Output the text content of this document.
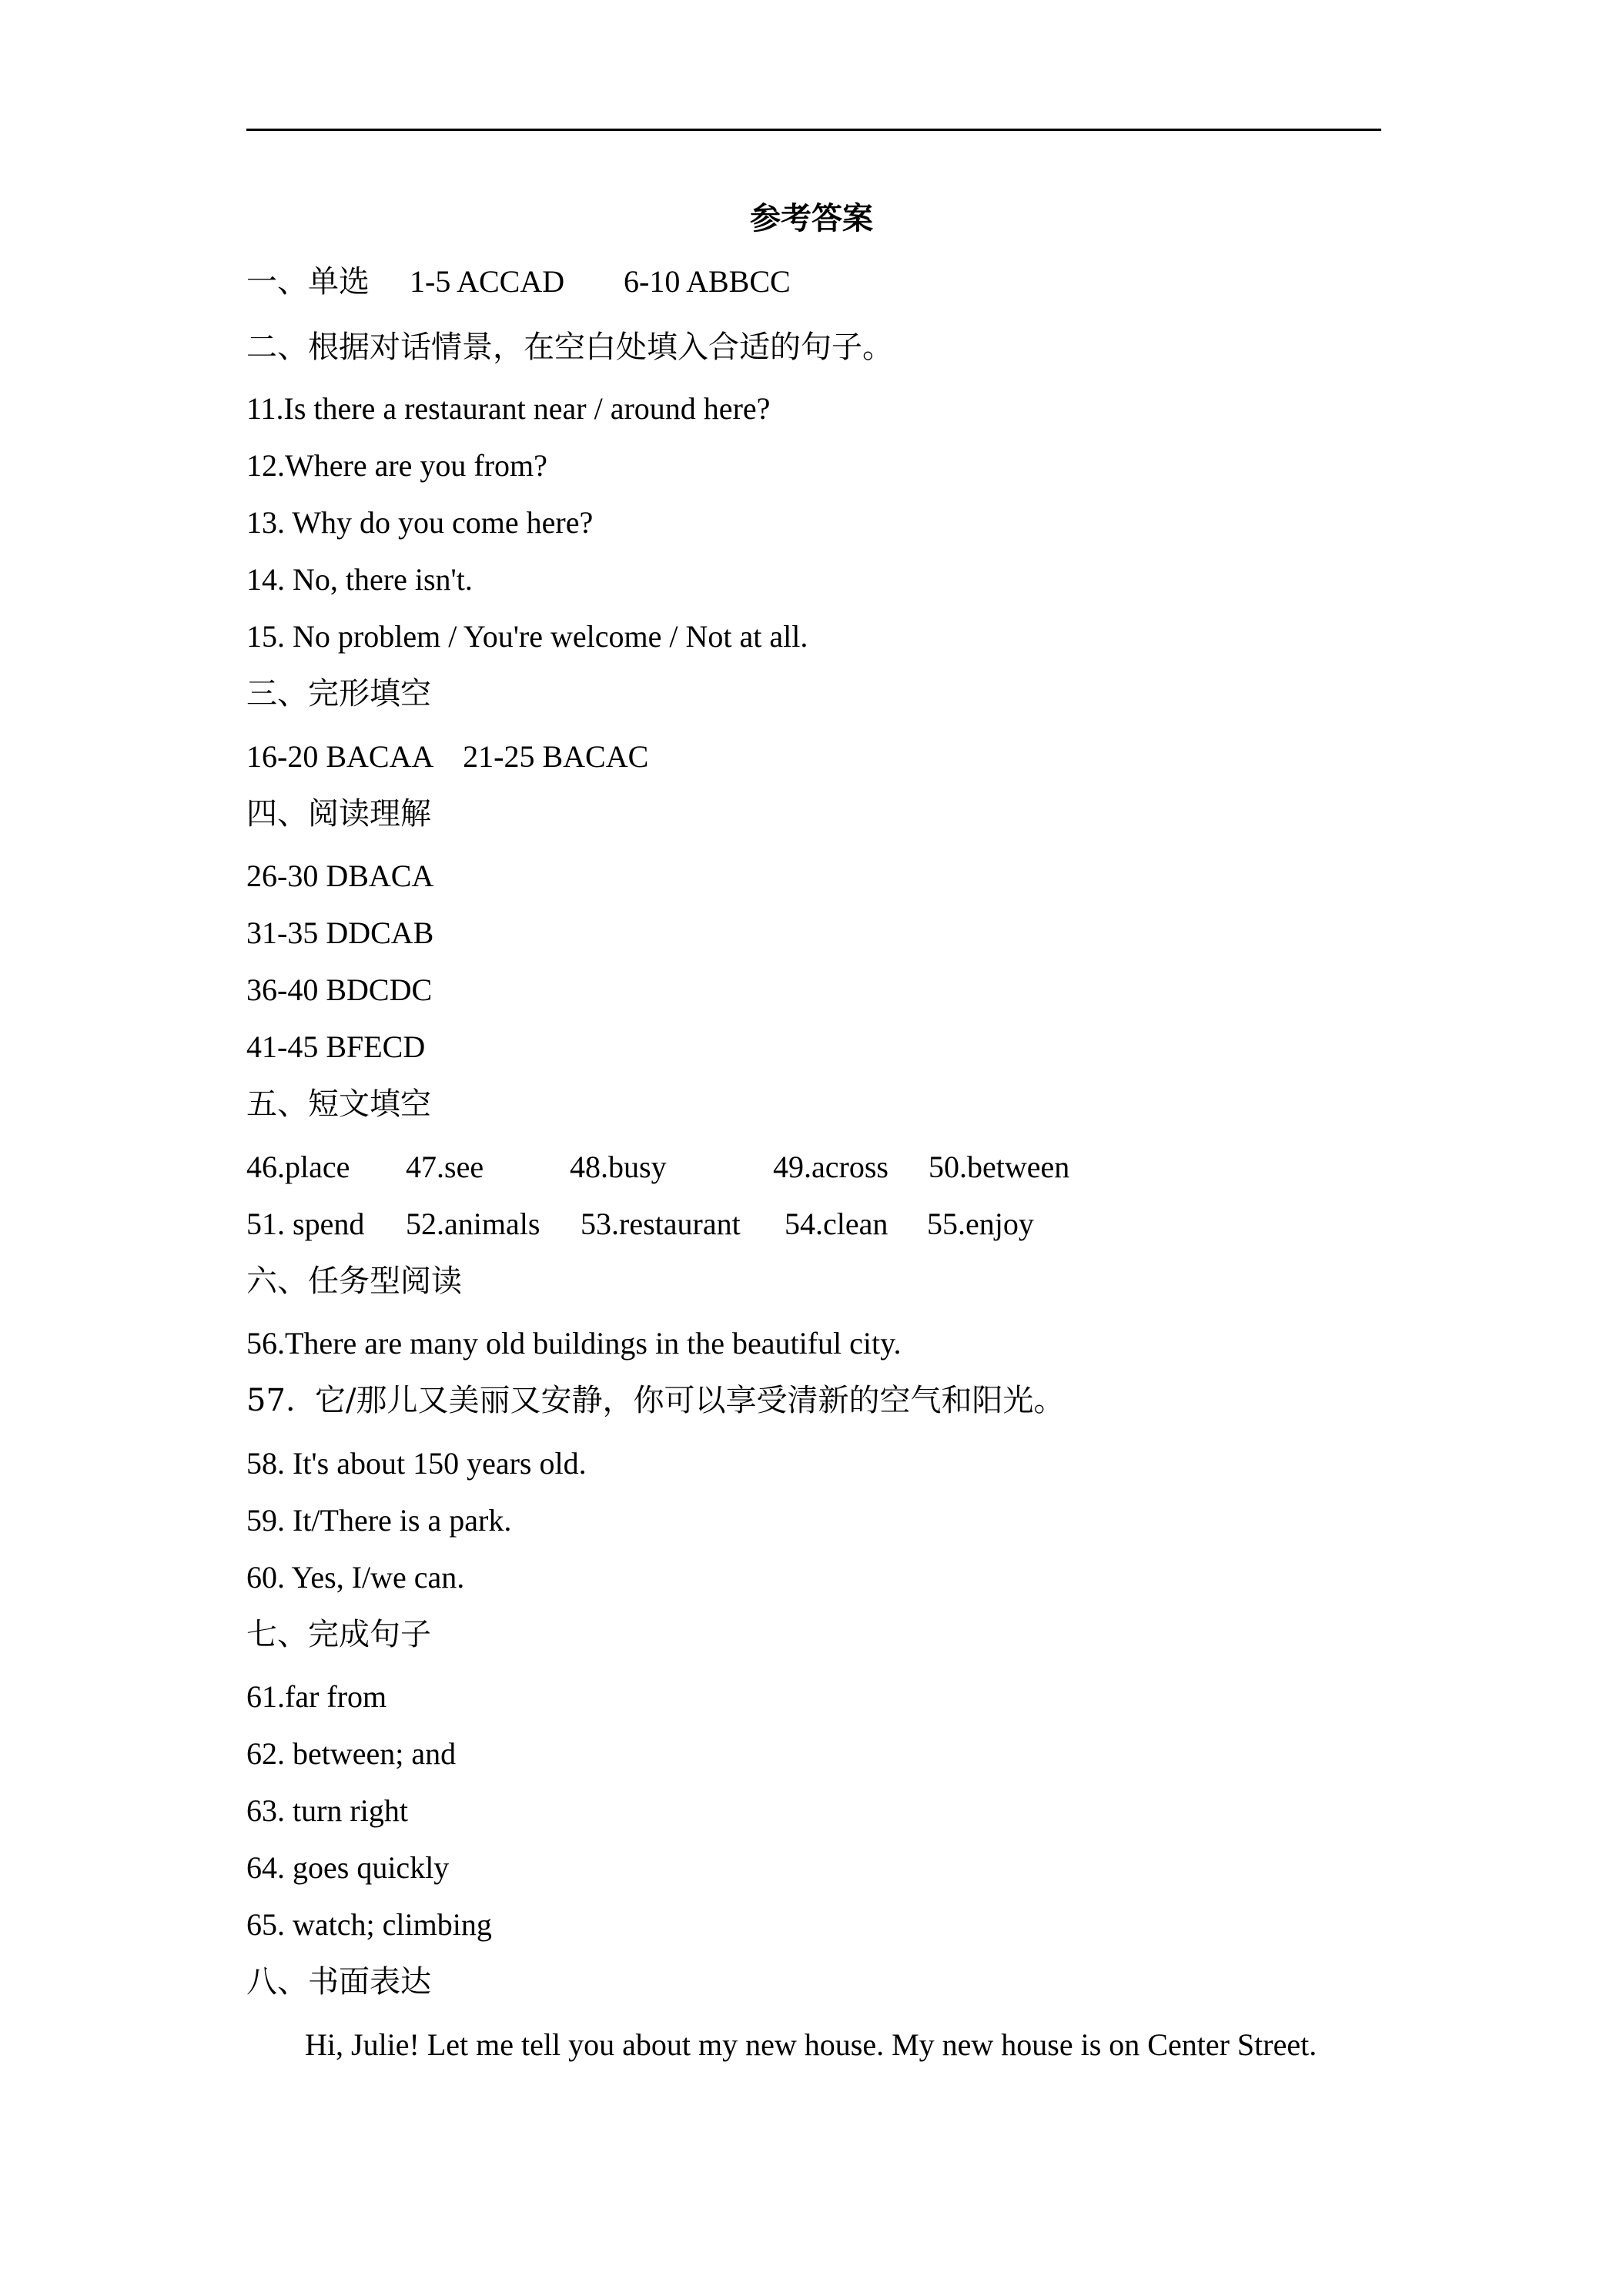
参考答案
一、单选 1-5 ACCAD 6-10 ABBCC
二、根据对话情景，在空白处填入合适的句子。
11.Is there a restaurant near / around here?
12.Where are you from?
13. Why do you come here?
14. No, there isn't.
15. No problem / You're welcome / Not at all.
三、完形填空
16-20 BACAA    21-25 BACAC
四、阅读理解
26-30 DBACA
31-35 DDCAB
36-40 BDCDC
41-45 BFECD
五、短文填空
46.place 47.see	48.busy	49.across 50.between
51. spend 52.animals 53.restaurant 54.clean 55.enjoy
六、任务型阅读
56.There are many old buildings in the beautiful city.
57.  它/那儿又美丽又安静，你可以享受清新的空气和阳光。
58. It's about 150 years old.
59. It/There is a park.
60. Yes, I/we can.
七、完成句子
61.far from
62. between; and
63. turn right
64. goes quickly
65. watch; climbing
八、书面表达
Hi, Julie! Let me tell you about my new house. My new house is on Center Street.
